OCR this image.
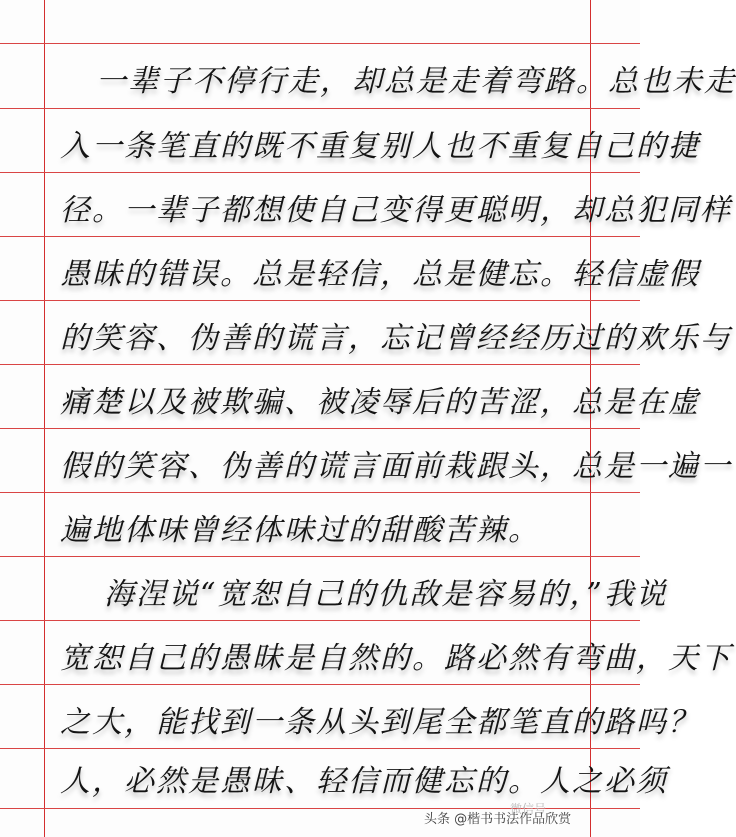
一辈子不停行走，却总是走着弯路。总也未走
入一条笔直的既不重复别人也不重复自己的捷
径。一辈子都想使自己变得更聪明，却总犯同样
愚昧的错误。总是轻信，总是健忘。轻信虚假
的笑容、伪善的谎言，忘记曾经经历过的欢乐与
痛楚以及被欺骗、被凌辱后的苦涩，总是在虚
假的笑容、伪善的谎言面前栽跟头，总是一遍一
遍地体味曾经体味过的甜酸苦辣。
海涅说“宽恕自己的仇敌是容易的，”我说
宽恕自己的愚昧是自然的。路必然有弯曲，天下
之大，能找到一条从头到尾全都笔直的路吗？
人，必然是愚昧、轻信而健忘的。人之必须
微信号
头条 @楷书书法作品欣赏
